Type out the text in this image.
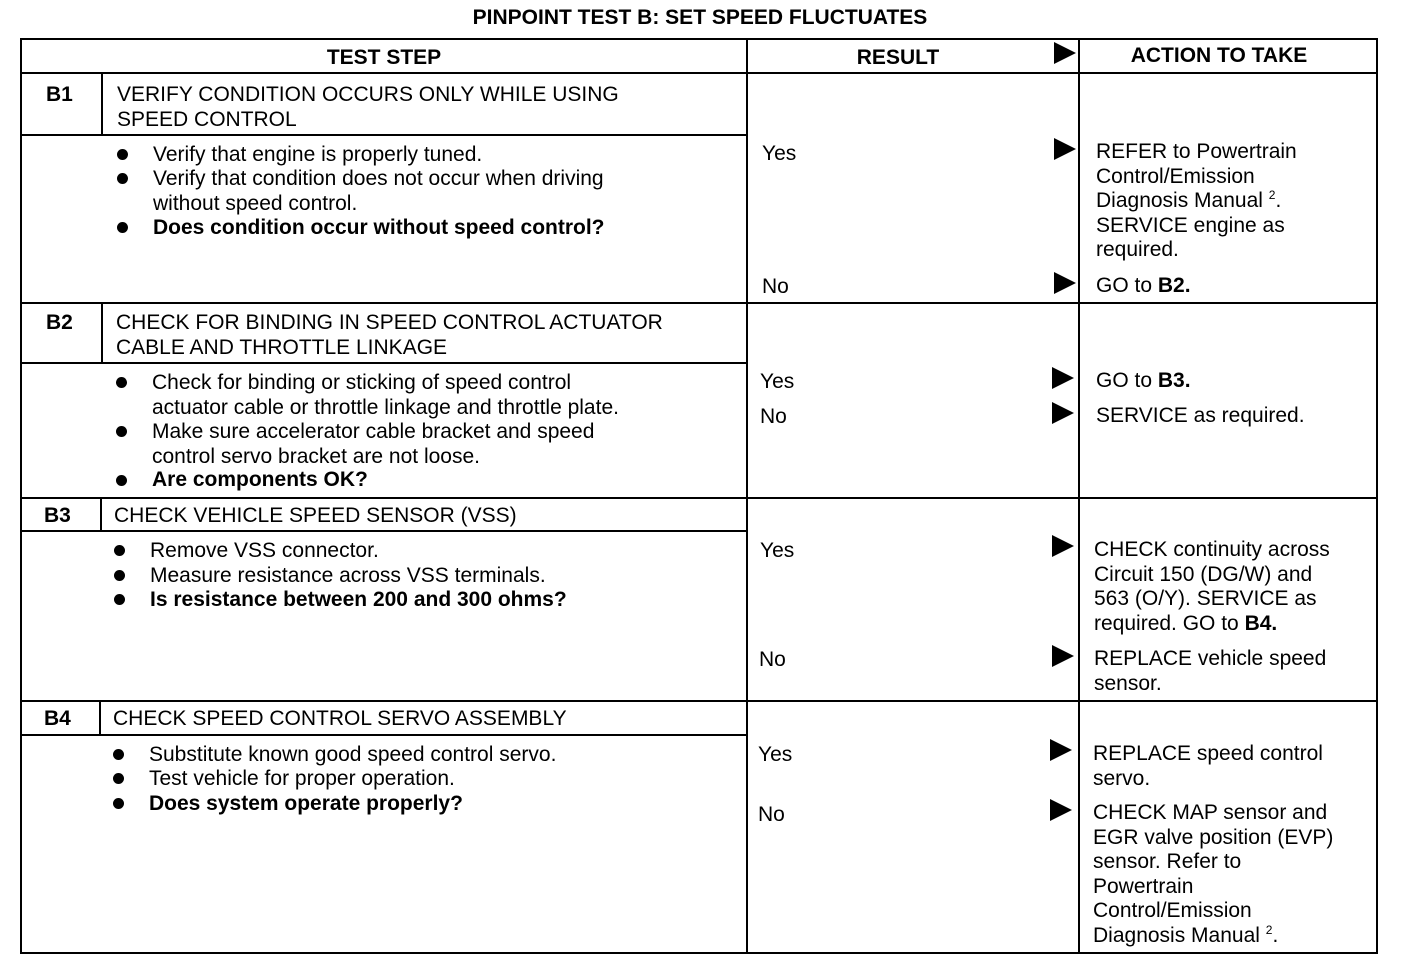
PINPOINT TEST B: SET SPEED FLUCTUATES
TEST STEP	RESULT	ACTION TO TAKE
B1 VERIFY CONDITION OCCURS ONLY WHILE USING
SPEED CONTROL
Verify that engine is properly tuned.
Verify that condition does not occur when driving
without speed control.
Does condition occur without speed control?
Yes	REFER to Powertrain
Control/Emission
Diagnosis Manual $^2$.
SERVICE engine as
required.
No	GO to B2.
B2 CHECK FOR BINDING IN SPEED CONTROL ACTUATOR
CABLE AND THROTTLE LINKAGE
Check for binding or sticking of speed control
actuator cable or throttle linkage and throttle plate.
Make sure accelerator cable bracket and speed
control servo bracket are not loose.
Are components OK?
Yes	GO to B3.
No	SERVICE as required.
B3 CHECK VEHICLE SPEED SENSOR (VSS)
Remove VSS connector.
Measure resistance across VSS terminals.
Is resistance between 200 and 300 ohms?
Yes	CHECK continuity across
Circuit 150 (DG/W) and
563 (O/Y). SERVICE as
required. GO to B4.
No	REPLACE vehicle speed
sensor.
B4 CHECK SPEED CONTROL SERVO ASSEMBLY
Substitute known good speed control servo.
Test vehicle for proper operation.
Does system operate properly?
Yes	REPLACE speed control
servo.
No	CHECK MAP sensor and
EGR valve position (EVP)
sensor. Refer to
Powertrain
Control/Emission
Diagnosis Manual $^2$.
